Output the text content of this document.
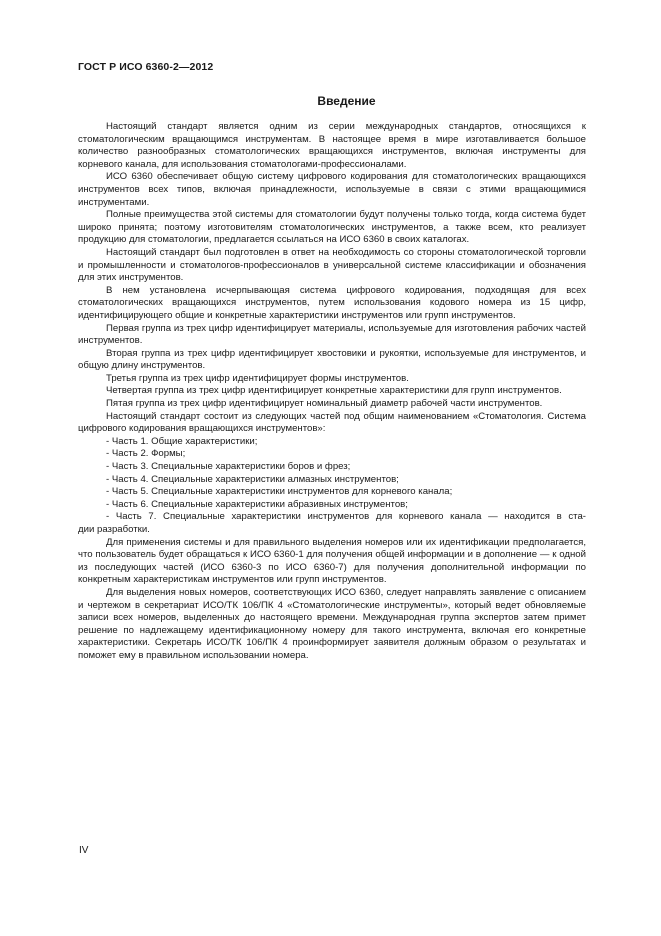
ГОСТ Р ИСО 6360-2—2012
Введение

Настоящий стандарт является одним из серии международных стандартов, относящихся к стоматологическим вращающимся инструментам. В настоящее время в мире изготавливается большое количество разнообразных стоматологических вращающихся инструментов, включая инструменты для корневого канала, для использования стоматологами-профессионалами.

ИСО 6360 обеспечивает общую систему цифрового кодирования для стоматологических вращающихся инструментов всех типов, включая принадлежности, используемые в связи с этими вращающимися инструментами.

Полные преимущества этой системы для стоматологии будут получены только тогда, когда система будет широко принята; поэтому изготовителям стоматологических инструментов, а также всем, кто реализует продукцию для стоматологии, предлагается ссылаться на ИСО 6360 в своих каталогах.

Настоящий стандарт был подготовлен в ответ на необходимость со стороны стоматологической торговли и промышленности и стоматологов-профессионалов в универсальной системе классификации и обозначения для этих инструментов.

В нем установлена исчерпывающая система цифрового кодирования, подходящая для всех стоматологических вращающихся инструментов, путем использования кодового номера из 15 цифр, идентифицирующего общие и конкретные характеристики инструментов или групп инструментов.

Первая группа из трех цифр идентифицирует материалы, используемые для изготовления рабочих частей инструментов.

Вторая группа из трех цифр идентифицирует хвостовики и рукоятки, используемые для инструментов, и общую длину инструментов.

Третья группа из трех цифр идентифицирует формы инструментов.

Четвертая группа из трех цифр идентифицирует конкретные характеристики для групп инструментов.

Пятая группа из трех цифр идентифицирует номинальный диаметр рабочей части инструментов.

Настоящий стандарт состоит из следующих частей под общим наименованием «Стоматология. Система цифрового кодирования вращающихся инструментов»:

- Часть 1. Общие характеристики;
- Часть 2. Формы;
- Часть 3. Специальные характеристики боров и фрез;
- Часть 4. Специальные характеристики алмазных инструментов;
- Часть 5. Специальные характеристики инструментов для корневого канала;
- Часть 6. Специальные характеристики абразивных инструментов;
- Часть 7. Специальные характеристики инструментов для корневого канала — находится в ста-
дии разработки.

Для применения системы и для правильного выделения номеров или их идентификации предполагается, что пользователь будет обращаться к ИСО 6360-1 для получения общей информации и в дополнение — к одной из последующих частей (ИСО 6360-3 по ИСО 6360-7) для получения дополнительной информации по конкретным характеристикам инструментов или групп инструментов.

Для выделения новых номеров, соответствующих ИСО 6360, следует направлять заявление с описанием и чертежом в секретариат ИСО/ТК 106/ПК 4 «Стоматологические инструменты», который ведет обновляемые записи всех номеров, выделенных до настоящего времени. Международная группа экспертов затем примет решение по надлежащему идентификационному номеру для такого инструмента, включая его конкретные характеристики. Секретарь ИСО/ТК 106/ПК 4 проинформирует заявителя должным образом о результатах и поможет ему в правильном использовании номера.

IV
